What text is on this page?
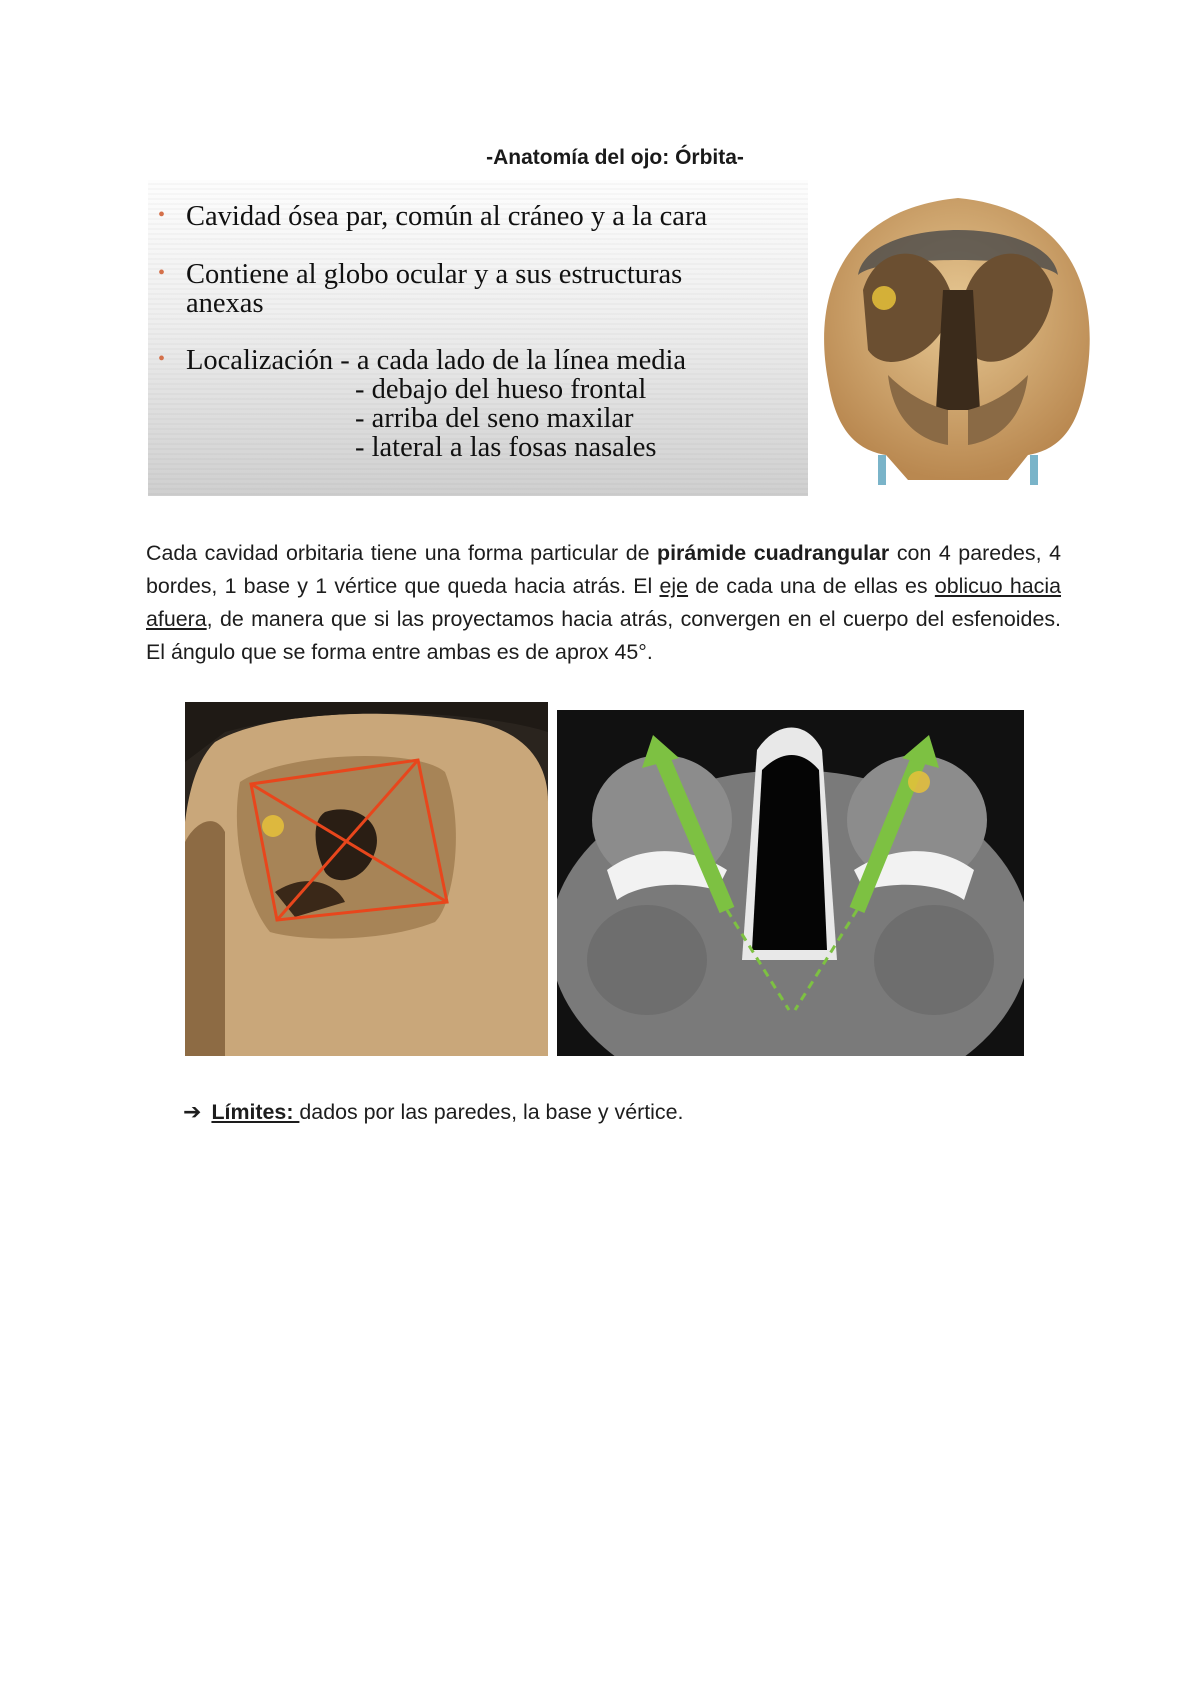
-Anatomía del ojo: Órbita-
• Cavidad ósea par, común al cráneo y a la cara
• Contiene al globo ocular y a sus estructuras
anexas
• Localización - a cada lado de la línea media
- debajo del hueso frontal
- arriba del seno maxilar
- lateral a las fosas nasales
Cada cavidad orbitaria tiene una forma particular de pirámide cuadrangular con 4 paredes, 4 bordes, 1 base y 1 vértice que queda hacia atrás. El eje de cada una de ellas es oblicuo hacia afuera, de manera que si las proyectamos hacia atrás, convergen en el cuerpo del esfenoides. El ángulo que se forma entre ambas es de aprox 45°.
➔ Límites: dados por las paredes, la base y vértice.
